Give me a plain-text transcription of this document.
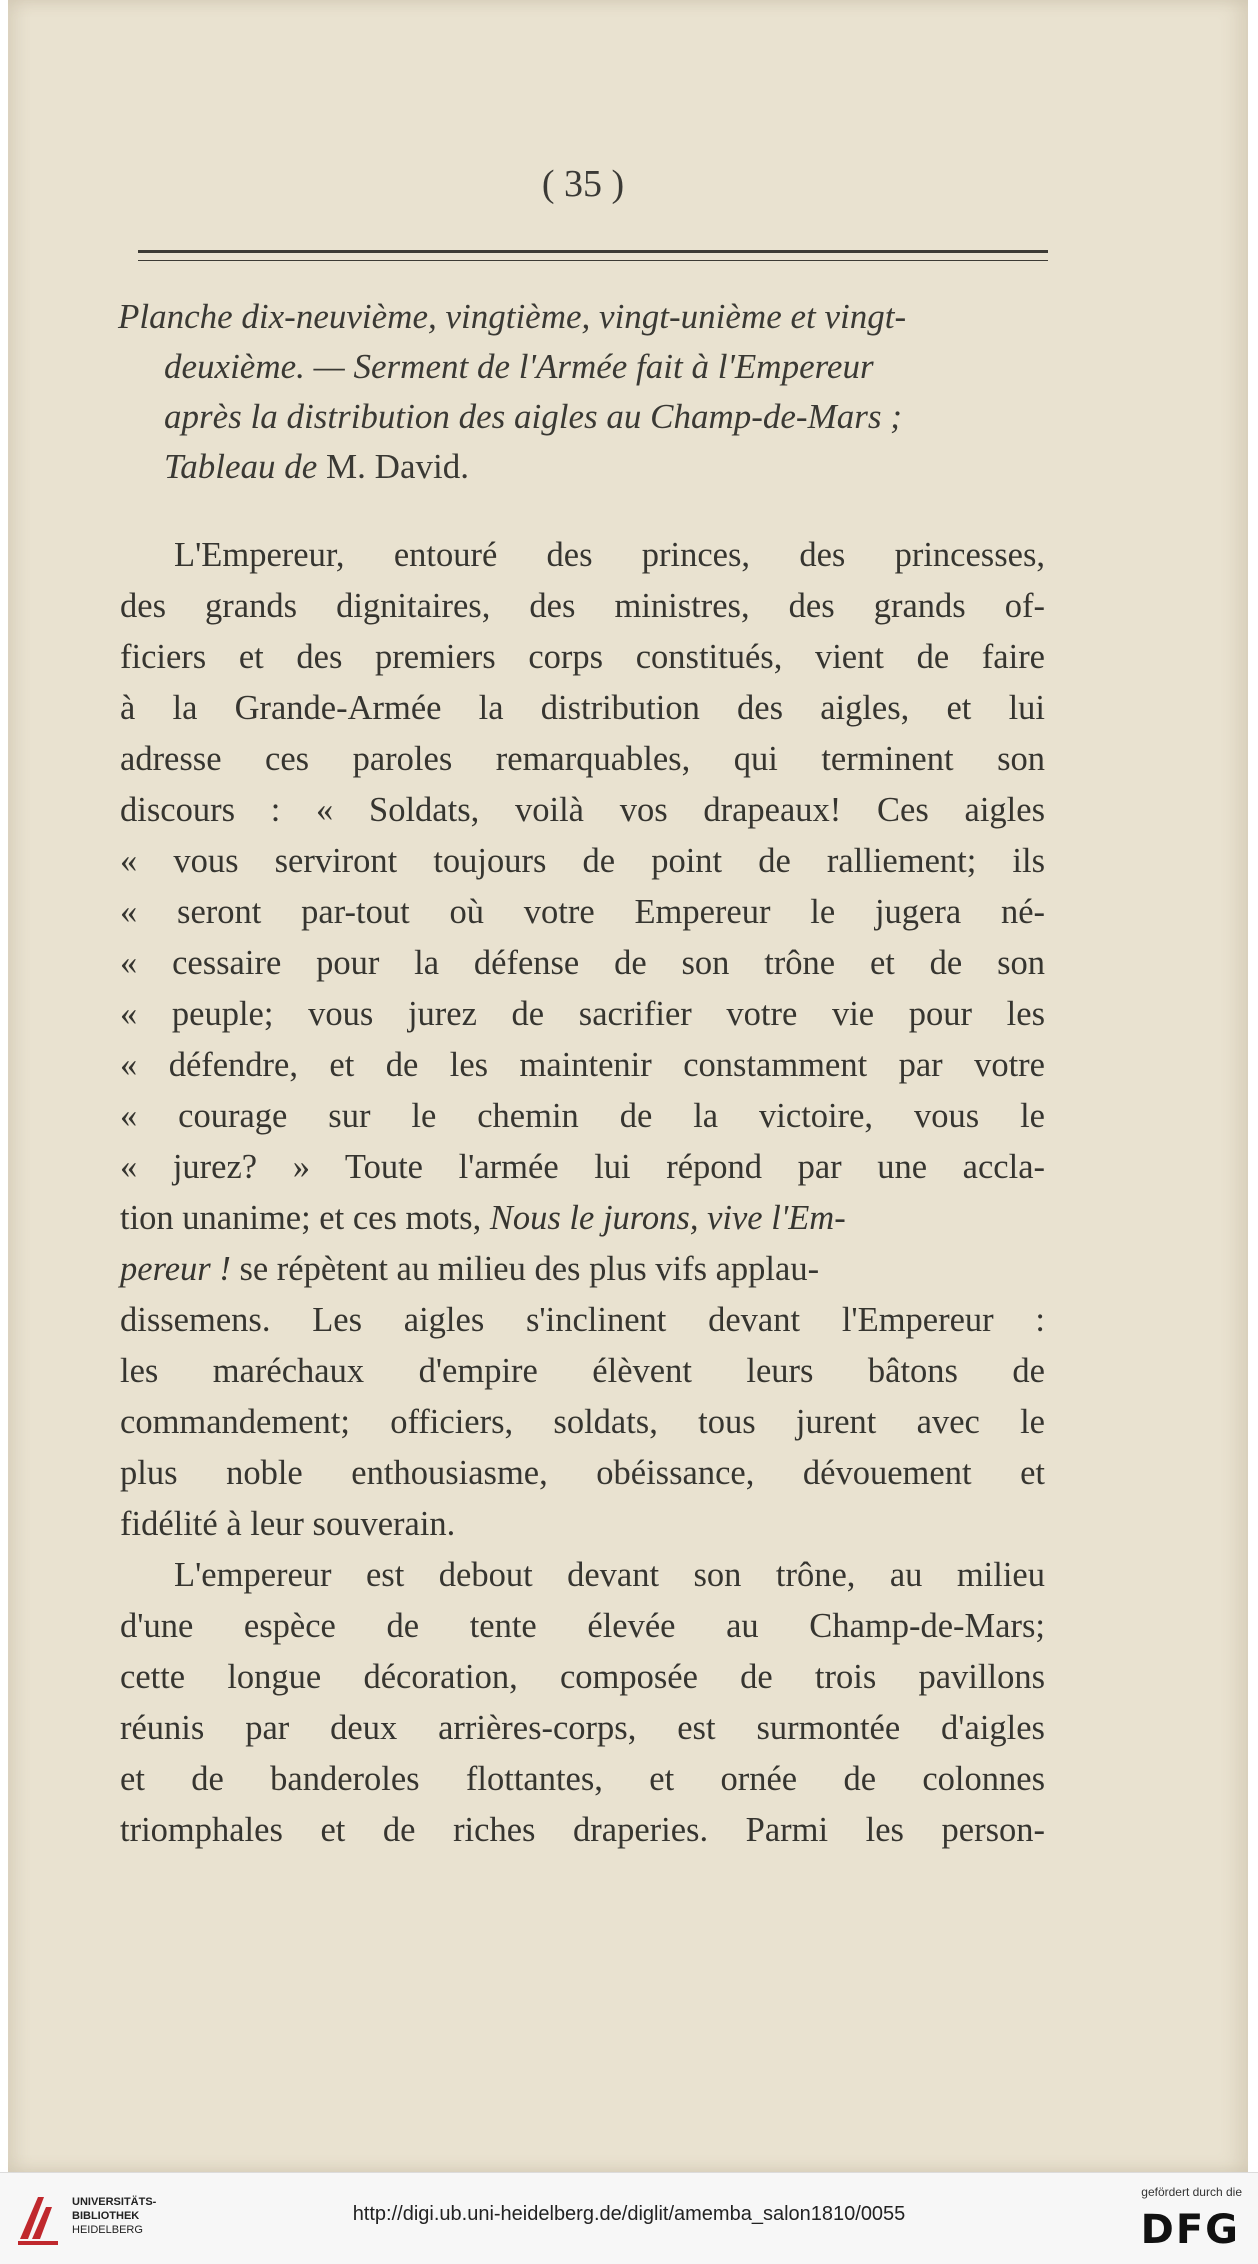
( 35 )
Planche dix-neuvième, vingtième, vingt-unième et vingt-
deuxième. — Serment de l'Armée fait à l'Empereur
après la distribution des aigles au Champ-de-Mars ;
Tableau de M. David.
L'Empereur, entouré des princes, des princesses,
des grands dignitaires, des ministres, des grands of-
ficiers et des premiers corps constitués, vient de faire
à la Grande-Armée la distribution des aigles, et lui
adresse ces paroles remarquables, qui terminent son
discours : « Soldats, voilà vos drapeaux! Ces aigles
« vous serviront toujours de point de ralliement; ils
« seront par-tout où votre Empereur le jugera né-
« cessaire pour la défense de son trône et de son
« peuple; vous jurez de sacrifier votre vie pour les
« défendre, et de les maintenir constamment par votre
« courage sur le chemin de la victoire, vous le
« jurez? » Toute l'armée lui répond par une accla-
tion unanime; et ces mots, Nous le jurons, vive l'Em-
pereur ! se répètent au milieu des plus vifs applau-
dissemens. Les aigles s'inclinent devant l'Empereur :
les maréchaux d'empire élèvent leurs bâtons de
commandement; officiers, soldats, tous jurent avec le
plus noble enthousiasme, obéissance, dévouement et
fidélité à leur souverain.
L'empereur est debout devant son trône, au milieu
d'une espèce de tente élevée au Champ-de-Mars;
cette longue décoration, composée de trois pavillons
réunis par deux arrières-corps, est surmontée d'aigles
et de banderoles flottantes, et ornée de colonnes
triomphales et de riches draperies. Parmi les person-
UNIVERSITÄTS-
BIBLIOTHEK
HEIDELBERG
http://digi.ub.uni-heidelberg.de/diglit/amemba_salon1810/0055
gefördert durch die
DFG
